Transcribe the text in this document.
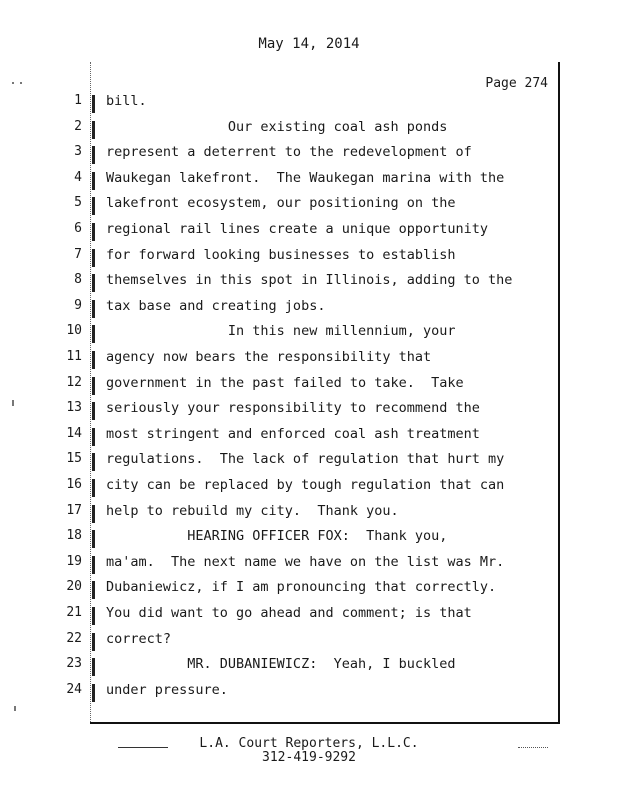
May 14, 2014
Page 274
1 bill.
2 Our existing coal ash ponds
3 represent a deterrent to the redevelopment of
4 Waukegan lakefront.  The Waukegan marina with the
5 lakefront ecosystem, our positioning on the
6 regional rail lines create a unique opportunity
7 for forward looking businesses to establish
8 themselves in this spot in Illinois, adding to the
9 tax base and creating jobs.
10 In this new millennium, your
11 agency now bears the responsibility that
12 government in the past failed to take.  Take
13 seriously your responsibility to recommend the
14 most stringent and enforced coal ash treatment
15 regulations.  The lack of regulation that hurt my
16 city can be replaced by tough regulation that can
17 help to rebuild my city.  Thank you.
18 HEARING OFFICER FOX:  Thank you,
19 ma'am.  The next name we have on the list was Mr.
20 Dubaniewicz, if I am pronouncing that correctly.
21 You did want to go ahead and comment; is that
22 correct?
23 MR. DUBANIEWICZ:  Yeah, I buckled
24 under pressure.
L.A. Court Reporters, L.L.C.
312-419-9292
